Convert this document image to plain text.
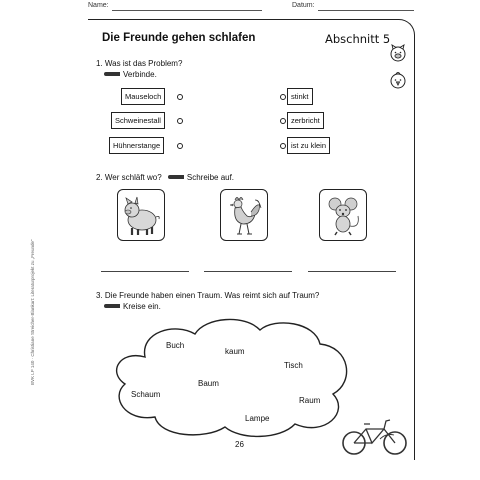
Name:	Datum:
Die Freunde gehen schlafen	Abschnitt 5
1. Was ist das Problem?
Verbinde.
Mauseloch
Schweinestall
Hühnerstange
stinkt
zerbricht
ist zu klein
2. Wer schläft wo?	Schreibe auf.
3. Die Freunde haben einen Traum. Was reimt sich auf Traum?
Kreise ein.
Buch
kaum
Tisch
Schaum
Baum
Raum
Lampe
BVK LP 140 · Christiane Streicher-Blankart: Literaturprojekt zu „Freunde“
26
